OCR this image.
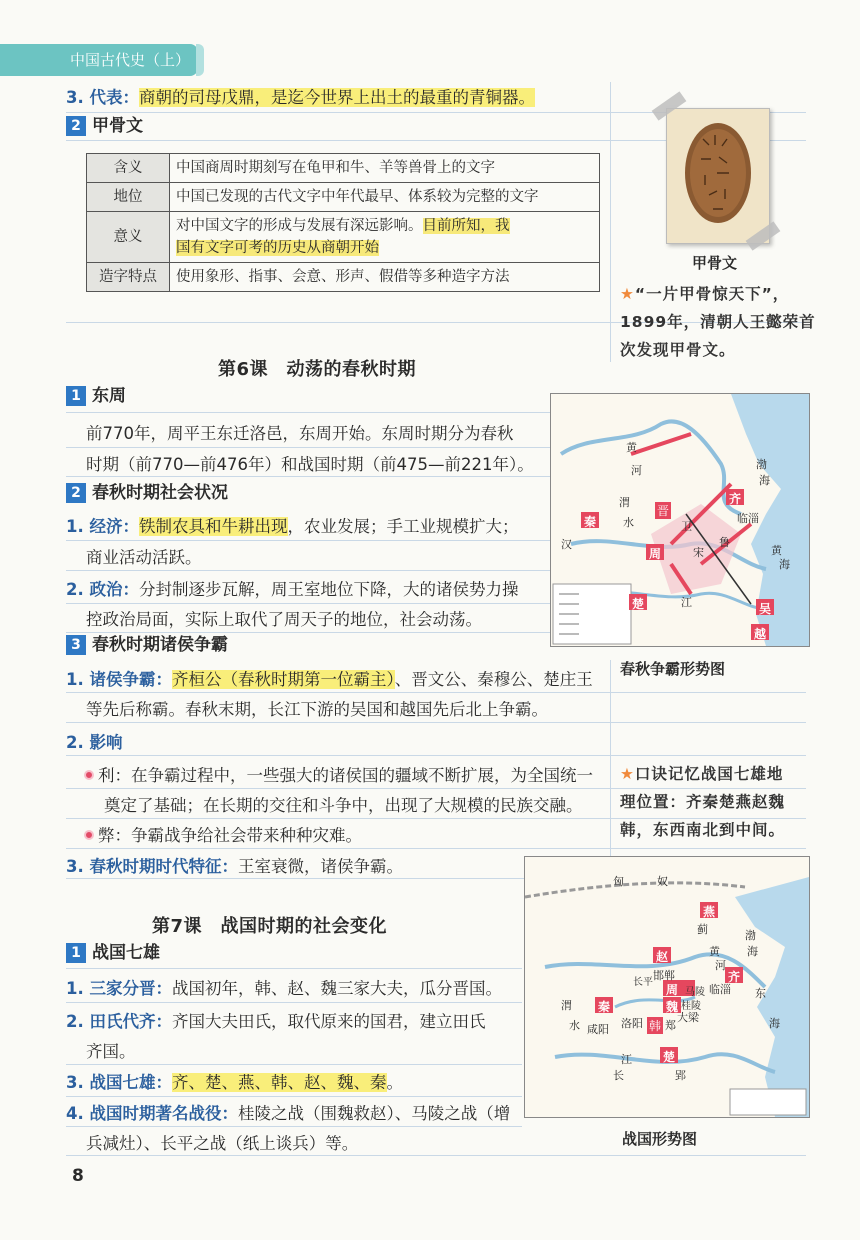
中国古代史（上）
3. 代表：商朝的司母戊鼎，是迄今世界上出土的最重的青铜器。
2 甲骨文
含义	中国商周时期刻写在龟甲和牛、羊等兽骨上的文字
地位	中国已发现的古代文字中年代最早、体系较为完整的文字
意义	对中国文字的形成与发展有深远影响。目前所知，我
国有文字可考的历史从商朝开始
造字特点	使用象形、指事、会意、形声、假借等多种造字方法
甲骨文
★“一片甲骨惊天下”，
1899年，清朝人王懿荣首
次发现甲骨文。
第6课　动荡的春秋时期
1 东周
前770年，周平王东迁洛邑，东周开始。东周时期分为春秋
时期（前770—前476年）和战国时期（前475—前221年）。
2 春秋时期社会状况
1. 经济：铁制农具和牛耕出现，农业发展；手工业规模扩大；
商业活动活跃。
2. 政治：分封制逐步瓦解，周王室地位下降，大的诸侯势力操
控政治局面，实际上取代了周天子的地位，社会动荡。
3 春秋时期诸侯争霸
1. 诸侯争霸：齐桓公（春秋时期第一位霸主）、晋文公、秦穆公、楚庄王
等先后称霸。春秋末期，长江下游的吴国和越国先后北上争霸。
2. 影响
利：在争霸过程中，一些强大的诸侯国的疆域不断扩展，为全国统一
奠定了基础；在长期的交往和斗争中，出现了大规模的民族交融。
弊：争霸战争给社会带来种种灾难。
3. 春秋时期时代特征：王室衰微，诸侯争霸。
黄
河
渭
水
渤
海
黄
海
齐
临淄
鲁
晋
卫
秦
周	宋
楚	吴
越
汉
江
春秋争霸形势图
★口诀记忆战国七雄地
理位置：齐秦楚燕赵魏
韩，东西南北到中间。
第7课　战国时期的社会变化
1 战国七雄
1. 三家分晋：战国初年，韩、赵、魏三家大夫，瓜分晋国。
2. 田氏代齐：齐国大夫田氏，取代原来的国君，建立田氏
齐国。
3. 战国七雄：齐、楚、燕、韩、赵、魏、秦。
4. 战国时期著名战役：桂陵之战（围魏救赵）、马陵之战（增
兵减灶）、长平之战（纸上谈兵）等。
匈	奴
燕
蓟
赵
邯郸
长平	齐
临淄
马陵
桂陵
魏
大梁
韩 郑
周
洛阳
秦
咸阳
楚
郢
渤
海
东
海
长
江
渭
水
黄
河
战国形势图
8
